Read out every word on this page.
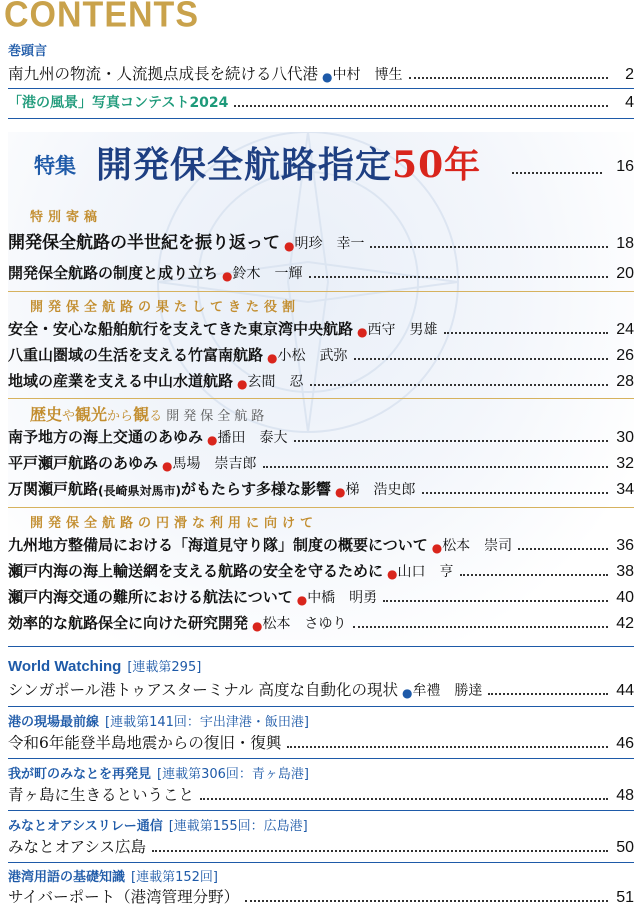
CONTENTS
巻頭言
南九州の物流・人流拠点成長を続ける八代港 ● 中村　博生	2
「港の風景」写真コンテスト2024	4
特集 開発保全航路指定50年	16
特別寄稿
開発保全航路の半世紀を振り返って ● 明珍　幸一	18
開発保全航路の制度と成り立ち ● 鈴木　一輝	20
開発保全航路の果たしてきた役割
安全・安心な船舶航行を支えてきた東京湾中央航路 ● 西守　男雄	24
八重山圏域の生活を支える竹富南航路 ● 小松　武弥	26
地域の産業を支える中山水道航路 ● 玄間　忍	28
歴史や観光から観る 開発保全航路
南予地方の海上交通のあゆみ ● 播田　泰大	30
平戸瀬戸航路のあゆみ ● 馬場　崇吉郎	32
万関瀬戸航路 (長崎県対馬市) がもたらす多様な影響 ● 梯　浩史郎	34
開発保全航路の円滑な利用に向けて
九州地方整備局における「海道見守り隊」制度の概要について ● 松本　崇司	36
瀬戸内海の海上輸送網を支える航路の安全を守るために ● 山口　亨	38
瀬戸内海交通の難所における航法について ● 中橋　明勇	40
効率的な航路保全に向けた研究開発 ● 松本　さゆり	42
World Watching [連載第295]
シンガポール港トゥアスターミナル 高度な自動化の現状 ● 牟禮　勝達	44
港の現場最前線 [連載第141回：宇出津港・飯田港]
令和6年能登半島地震からの復旧・復興	46
我が町のみなとを再発見 [連載第306回：青ヶ島港]
青ヶ島に生きるということ	48
みなとオアシスリレー通信 [連載第155回：広島港]
みなとオアシス広島	50
港湾用語の基礎知識 [連載第152回]
サイバーポート（港湾管理分野）	51
